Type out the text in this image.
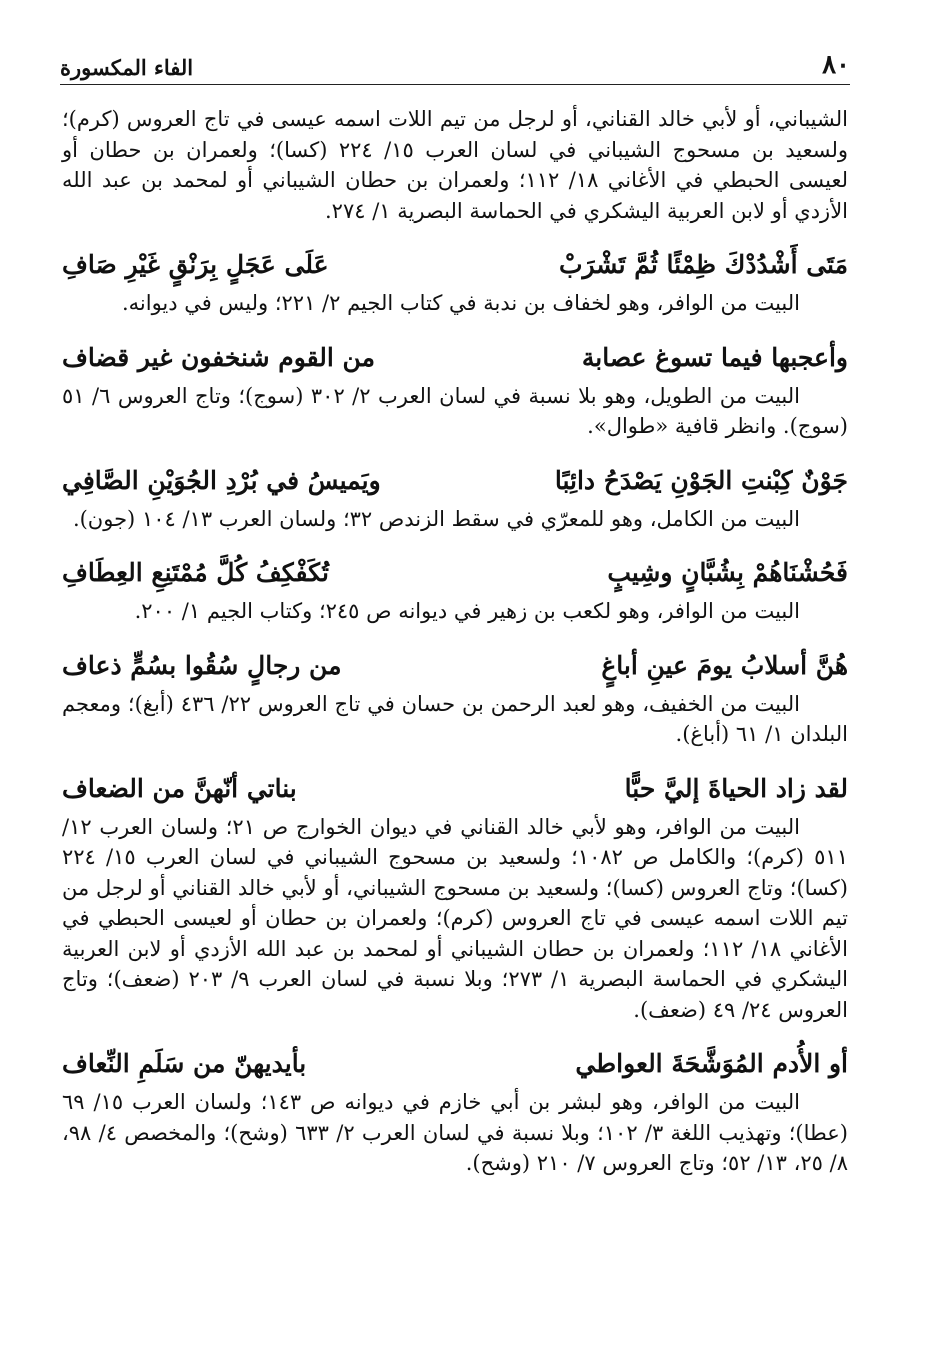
٨٠
الفاء المكسورة

الشيباني، أو لأبي خالد القناني، أو لرجل من تيم اللات اسمه عيسى في تاج العروس (كرم)؛ ولسعيد بن مسحوج الشيباني في لسان العرب ١٥/ ٢٢٤ (كسا)؛ ولعمران بن حطان أو لعيسى الحبطي في الأغاني ١٨/ ١١٢؛ ولعمران بن حطان الشيباني أو لمحمد بن عبد الله الأزدي أو لابن العربية اليشكري في الحماسة البصرية ١/ ٢٧٤.

مَتَى أَشْدُدْكَ ظِمْئًا ثُمَّ تَشْرَبْ
عَلَى عَجَلٍ بِرَنْقٍ غَيْرِ صَافِ

البيت من الوافر، وهو لخفاف بن ندبة في كتاب الجيم ٢/ ٢٢١؛ وليس في ديوانه.

وأعجبها فيما تسوغ عصابة
من القوم شنخفون غير قضاف

البيت من الطويل، وهو بلا نسبة في لسان العرب ٢/ ٣٠٢ (سوج)؛ وتاج العروس ٦/ ٥١ (سوج). وانظر قافية «طوال».

جَوْنٌ كِبْنتِ الجَوْنِ يَصْدَحُ دائِبًا
ويَميسُ في بُرْدِ الجُوَيْنِ الصَّافِي

البيت من الكامل، وهو للمعرّي في سقط الزندص ٣٢؛ ولسان العرب ١٣/ ١٠٤ (جون).

فَحُشْنَاهُمْ بِشُبَّانٍ وشِيبٍ
تُكَفْكِفُ كُلَّ مُمْتَنِعِ العِطَافِ

البيت من الوافر، وهو لكعب بن زهير في ديوانه ص ٢٤٥؛ وكتاب الجيم ١/ ٢٠٠.

هُنَّ أسلابُ يومَ عينِ أباغٍ
من رجالٍ سُقُوا بسُمٍّ ذعاف

البيت من الخفيف، وهو لعبد الرحمن بن حسان في تاج العروس ٢٢/ ٤٣٦ (أبغ)؛ ومعجم البلدان ١/ ٦١ (أباغ).

لقد زاد الحياةَ إليَّ حبًّا
بناتي أنّهنَّ من الضعاف

البيت من الوافر، وهو لأبي خالد القناني في ديوان الخوارج ص ٢١؛ ولسان العرب ١٢/ ٥١١ (كرم)؛ والكامل ص ١٠٨٢؛ ولسعيد بن مسحوج الشيباني في لسان العرب ١٥/ ٢٢٤ (كسا)؛ وتاج العروس (كسا)؛ ولسعيد بن مسحوج الشيباني، أو لأبي خالد القناني أو لرجل من تيم اللات اسمه عيسى في تاج العروس (كرم)؛ ولعمران بن حطان أو لعيسى الحبطي في الأغاني ١٨/ ١١٢؛ ولعمران بن حطان الشيباني أو لمحمد بن عبد الله الأزدي أو لابن العربية اليشكري في الحماسة البصرية ١/ ٢٧٣؛ وبلا نسبة في لسان العرب ٩/ ٢٠٣ (ضعف)؛ وتاج العروس ٢٤/ ٤٩ (ضعف).

أو الأُدم المُوَشَّحَةَ العواطي
بأيديهنّ من سَلَمِ النِّعاف

البيت من الوافر، وهو لبشر بن أبي خازم في ديوانه ص ١٤٣؛ ولسان العرب ١٥/ ٦٩ (عطا)؛ وتهذيب اللغة ٣/ ١٠٢؛ وبلا نسبة في لسان العرب ٢/ ٦٣٣ (وشح)؛ والمخصص ٤/ ٩٨، ٨/ ٢٥، ١٣/ ٥٢؛ وتاج العروس ٧/ ٢١٠ (وشح).
